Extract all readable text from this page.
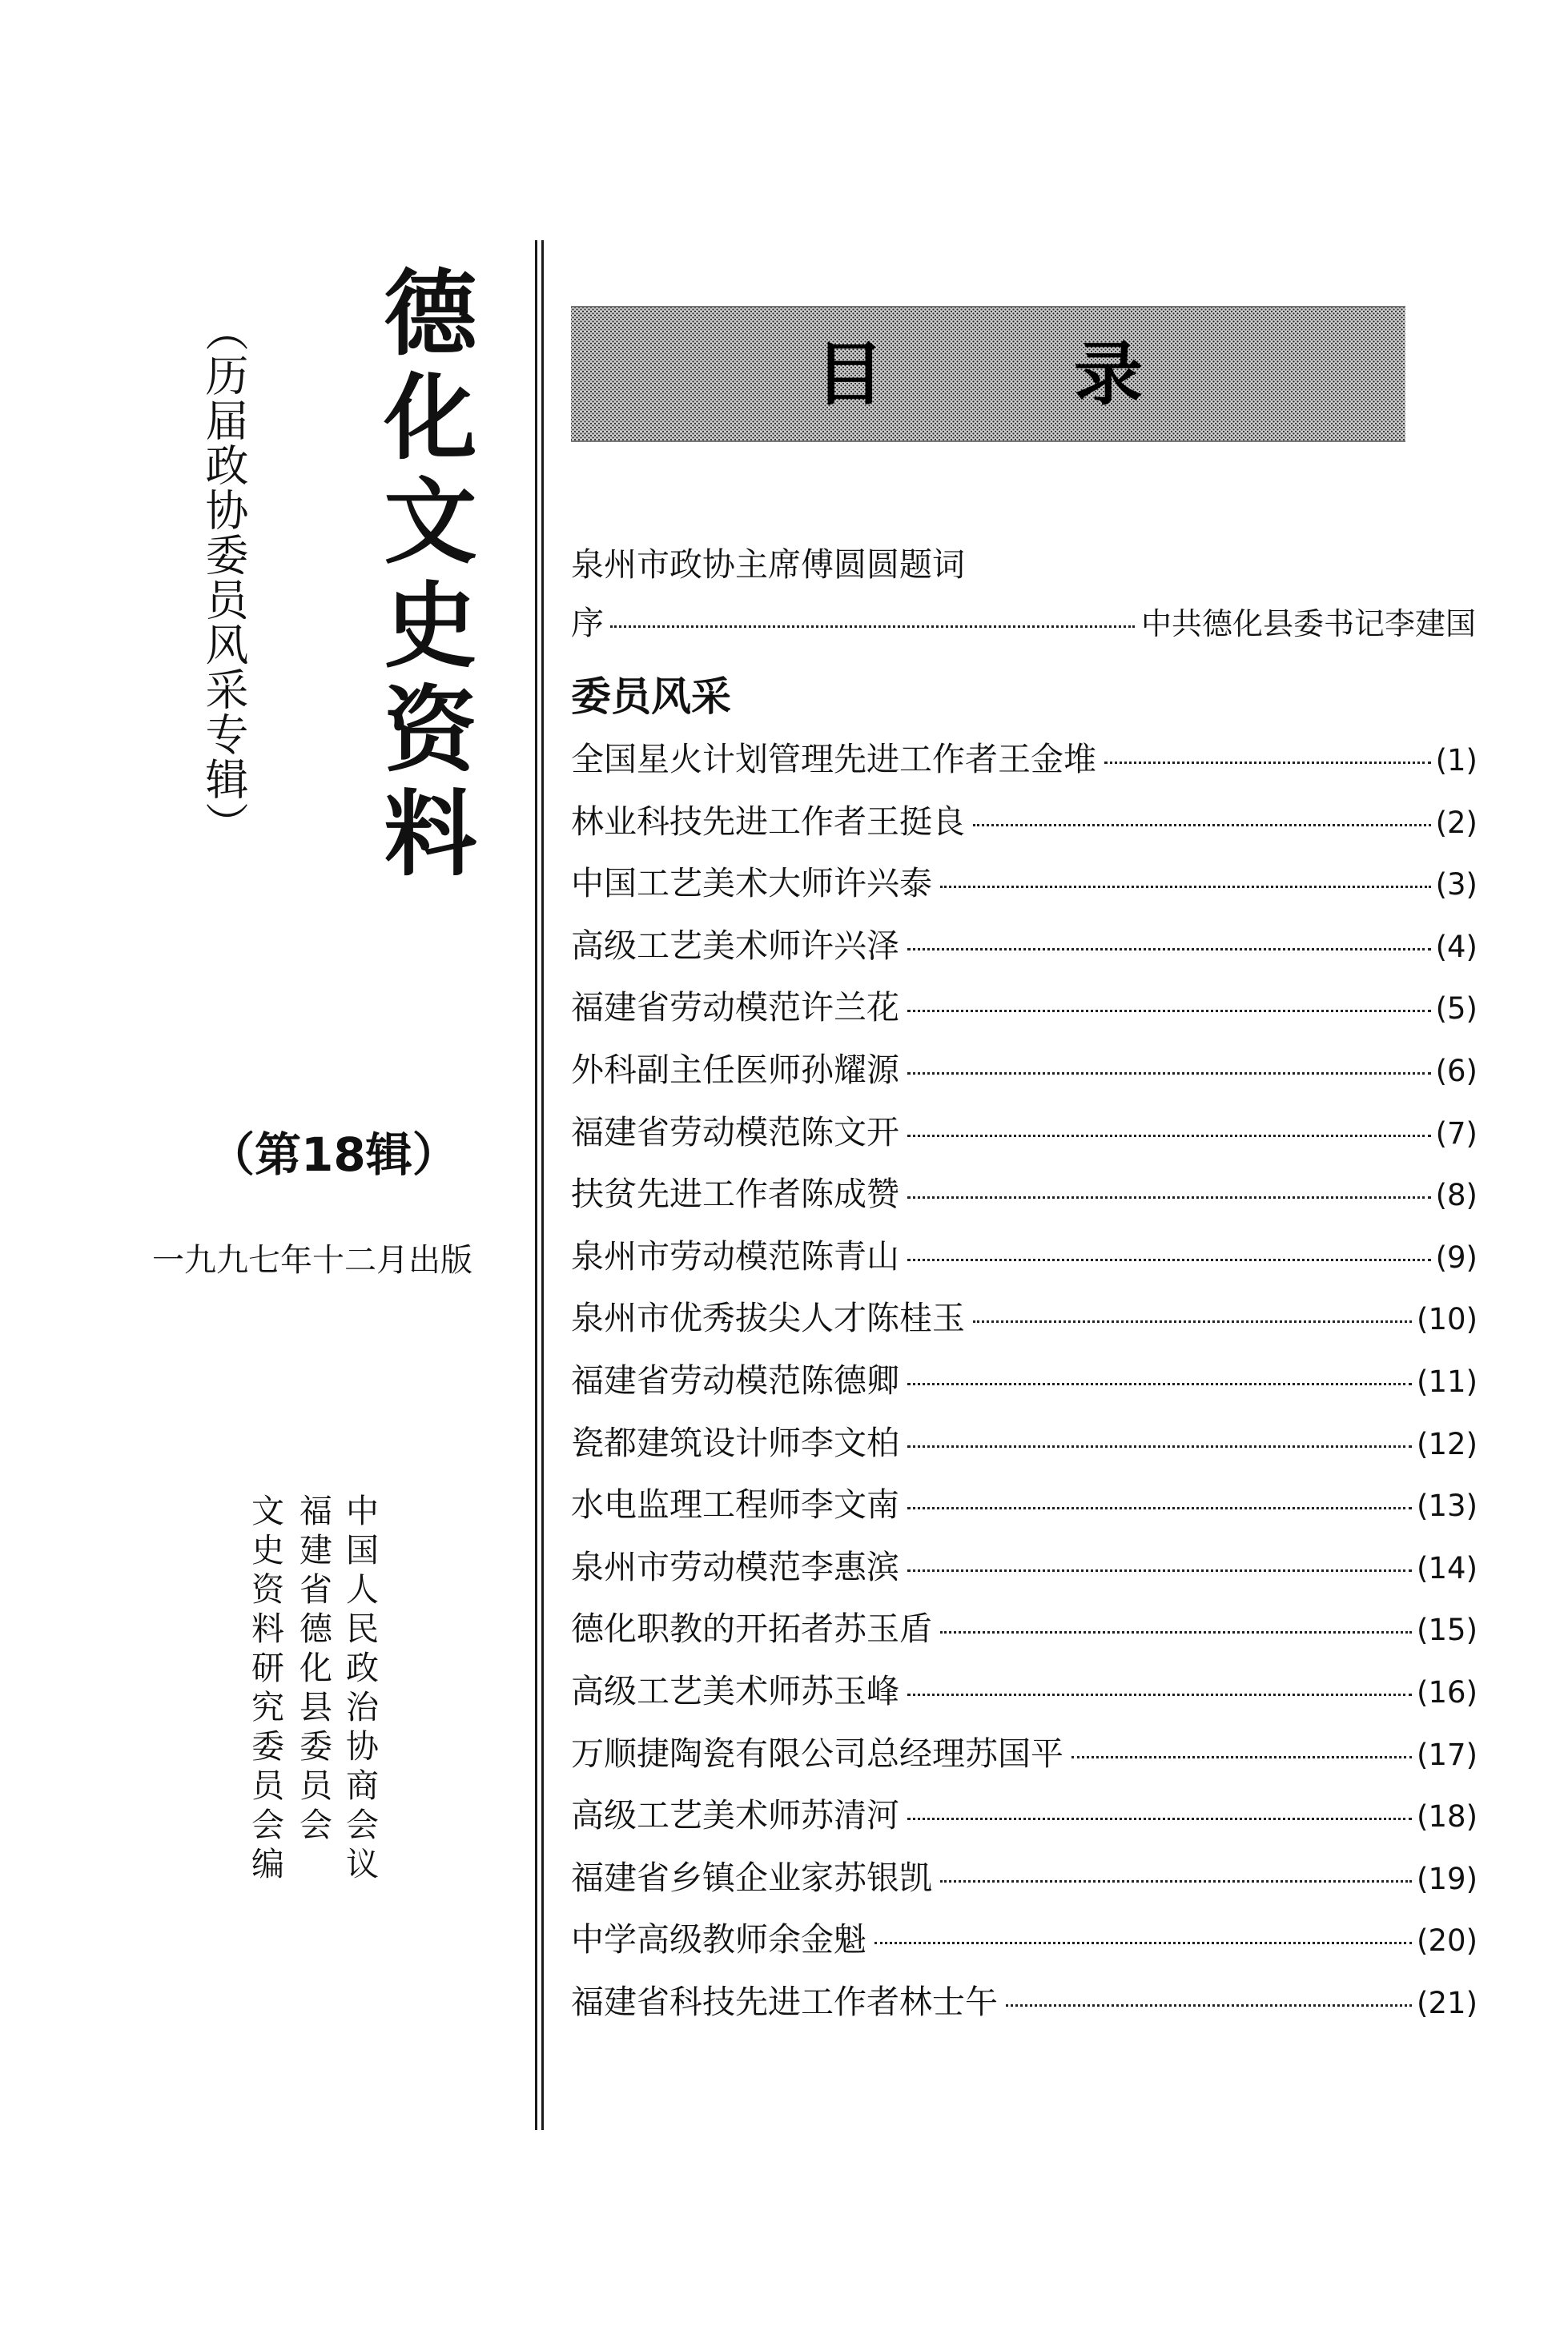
德化文史资料
（历届政协委员风采专辑）
（第18辑）
一九九七年十二月出版
中国人民政治协商会议
福建省德化县委员会
文史资料研究委员会编
目	录
泉州市政协主席傅圆圆题词
序	中共德化县委书记李建国
委员风采
全国星火计划管理先进工作者王金堆	(1)
林业科技先进工作者王挺良	(2)
中国工艺美术大师许兴泰	(3)
高级工艺美术师许兴泽	(4)
福建省劳动模范许兰花	(5)
外科副主任医师孙耀源	(6)
福建省劳动模范陈文开	(7)
扶贫先进工作者陈成赞	(8)
泉州市劳动模范陈青山	(9)
泉州市优秀拔尖人才陈桂玉	(10)
福建省劳动模范陈德卿	(11)
瓷都建筑设计师李文柏	(12)
水电监理工程师李文南	(13)
泉州市劳动模范李惠滨	(14)
德化职教的开拓者苏玉盾	(15)
高级工艺美术师苏玉峰	(16)
万顺捷陶瓷有限公司总经理苏国平	(17)
高级工艺美术师苏清河	(18)
福建省乡镇企业家苏银凯	(19)
中学高级教师余金魁	(20)
福建省科技先进工作者林士午	(21)
